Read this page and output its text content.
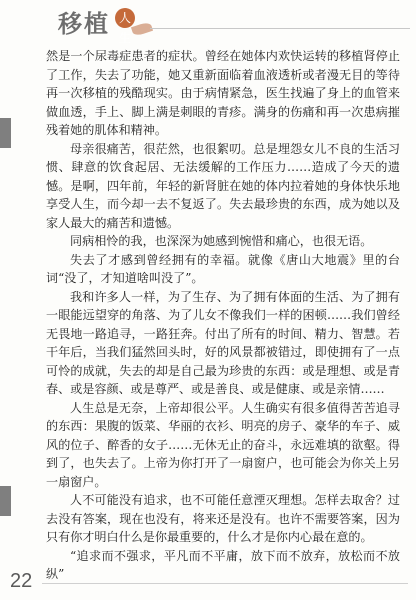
移植 人生

然是一个尿毒症患者的症状。曾经在她体内欢快运转的移植肾停止了工作，失去了功能，她又重新面临着血液透析或者漫无目的等待再一次移植的残酷现实。由于病情紧急，医生找遍了身上的血管来做血透，手上、脚上满是刺眼的青疹。满身的伤痛和再一次患病摧残着她的肌体和精神。

母亲很痛苦，很茫然，也很絮叨。总是埋怨女儿不良的生活习惯、肆意的饮食起居、无法缓解的工作压力……造成了今天的遗憾。是啊，四年前，年轻的新肾脏在她的体内拉着她的身体快乐地享受人生，而今却一去不复返了。失去最珍贵的东西，成为她以及家人最大的痛苦和遗憾。

同病相怜的我，也深深为她感到惋惜和痛心，也很无语。

失去了才感到曾经拥有的幸福。就像《唐山大地震》里的台词“没了，才知道啥叫没了”。

我和许多人一样，为了生存、为了拥有体面的生活、为了拥有一眼能远望穿的角落、为了儿女不像我们一样的困顿……我们曾经无畏地一路追寻，一路狂奔。付出了所有的时间、精力、智慧。若干年后，当我们猛然回头时，好的风景都被错过，即使拥有了一点可怜的成就，失去的却是自己最为珍贵的东西：或是理想、或是青春、或是容颜、或是尊严、或是善良、或是健康、或是亲情……

人生总是无奈，上帝却很公平。人生确实有很多值得苦苦追寻的东西：果腹的饭菜、华丽的衣衫、明亮的房子、豪华的车子、威风的位子、醉香的女子……无休无止的奋斗，永远难填的欲壑。得到了，也失去了。上帝为你打开了一扇窗户，也可能会为你关上另一扇窗户。

人不可能没有追求，也不可能任意湮灭理想。怎样去取舍？过去没有答案，现在也没有，将来还是没有。也许不需要答案，因为只有你才明白什么是你最重要的，什么才是你内心最在意的。

“追求而不强求，平凡而不平庸，放下而不放弃，放松而不放纵”

22
